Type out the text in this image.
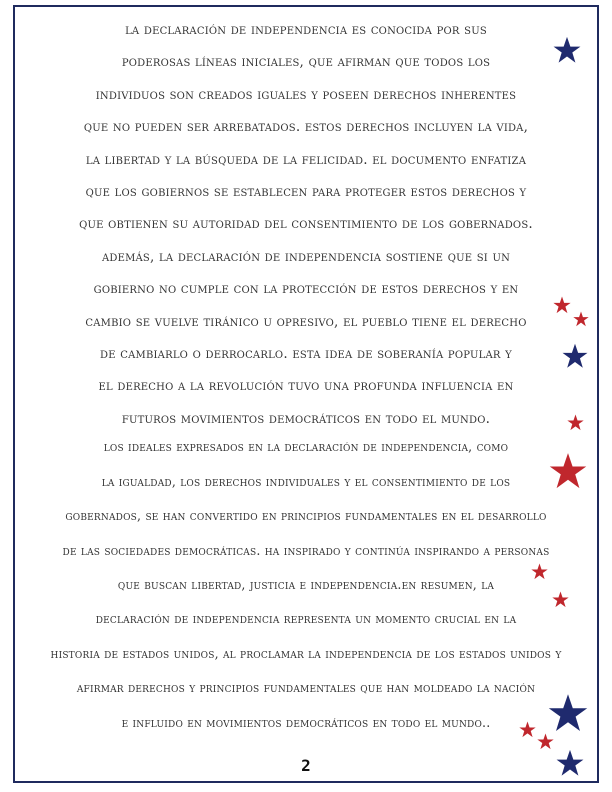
la declaración de independencia es conocida por sus
poderosas líneas iniciales, que afirman que todos los
individuos son creados iguales y poseen derechos inherentes
que no pueden ser arrebatados. estos derechos incluyen la vida,
la libertad y la búsqueda de la felicidad. el documento enfatiza
que los gobiernos se establecen para proteger estos derechos y
que obtienen su autoridad del consentimiento de los gobernados.
además, la declaración de independencia sostiene que si un
gobierno no cumple con la protección de estos derechos y en
cambio se vuelve tiránico u opresivo, el pueblo tiene el derecho
de cambiarlo o derrocarlo. esta idea de soberanía popular y
el derecho a la revolución tuvo una profunda influencia en
futuros movimientos democráticos en todo el mundo.
los ideales expresados en la declaración de independencia, como
la igualdad, los derechos individuales y el consentimiento de los
gobernados, se han convertido en principios fundamentales en el desarrollo
de las sociedades democráticas. ha inspirado y continúa inspirando a personas
que buscan libertad, justicia e independencia.en resumen, la
declaración de independencia representa un momento crucial en la
historia de estados unidos, al proclamar la independencia de los estados unidos y
afirmar derechos y principios fundamentales que han moldeado la nación
e influido en movimientos democráticos en todo el mundo..
2
